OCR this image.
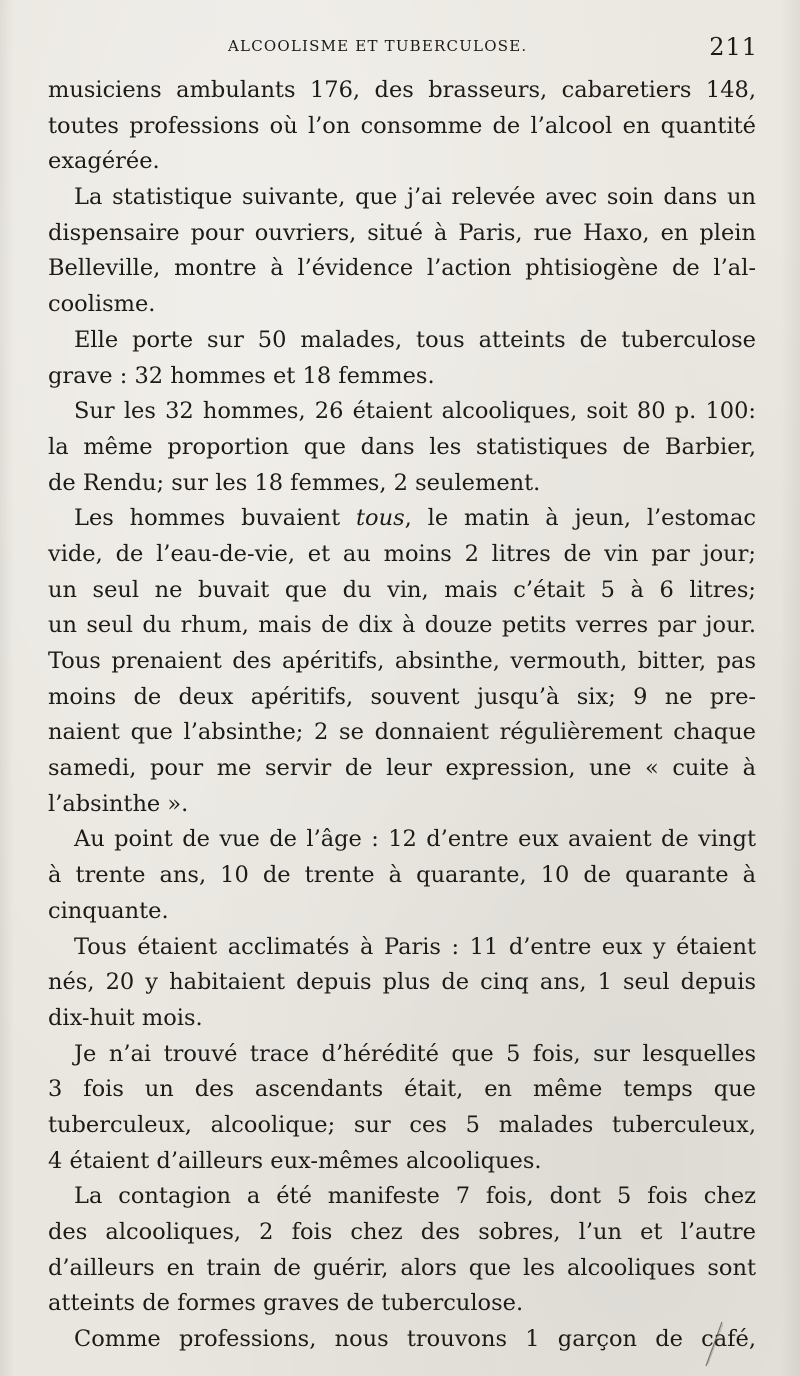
ALCOOLISME ET TUBERCULOSE.	211
musiciens ambulants 176, des brasseurs, cabaretiers 148,
toutes professions où l’on consomme de l’alcool en quantité
exagérée.
La statistique suivante, que j’ai relevée avec soin dans un
dispensaire pour ouvriers, situé à Paris, rue Haxo, en plein
Belleville, montre à l’évidence l’action phtisiogène de l’al-
coolisme.
Elle porte sur 50 malades, tous atteints de tuberculose
grave : 32 hommes et 18 femmes.
Sur les 32 hommes, 26 étaient alcooliques, soit 80 p. 100:
la même proportion que dans les statistiques de Barbier,
de Rendu; sur les 18 femmes, 2 seulement.
Les hommes buvaient tous, le matin à jeun, l’estomac
vide, de l’eau-de-vie, et au moins 2 litres de vin par jour;
un seul ne buvait que du vin, mais c’était 5 à 6 litres;
un seul du rhum, mais de dix à douze petits verres par jour.
Tous prenaient des apéritifs, absinthe, vermouth, bitter, pas
moins de deux apéritifs, souvent jusqu’à six; 9 ne pre-
naient que l’absinthe; 2 se donnaient régulièrement chaque
samedi, pour me servir de leur expression, une « cuite à
l’absinthe ».
Au point de vue de l’âge : 12 d’entre eux avaient de vingt
à trente ans, 10 de trente à quarante, 10 de quarante à
cinquante.
Tous étaient acclimatés à Paris : 11 d’entre eux y étaient
nés, 20 y habitaient depuis plus de cinq ans, 1 seul depuis
dix-huit mois.
Je n’ai trouvé trace d’hérédité que 5 fois, sur lesquelles
3 fois un des ascendants était, en même temps que
tuberculeux, alcoolique; sur ces 5 malades tuberculeux,
4 étaient d’ailleurs eux-mêmes alcooliques.
La contagion a été manifeste 7 fois, dont 5 fois chez
des alcooliques, 2 fois chez des sobres, l’un et l’autre
d’ailleurs en train de guérir, alors que les alcooliques sont
atteints de formes graves de tuberculose.
Comme professions, nous trouvons 1 garçon de café,
